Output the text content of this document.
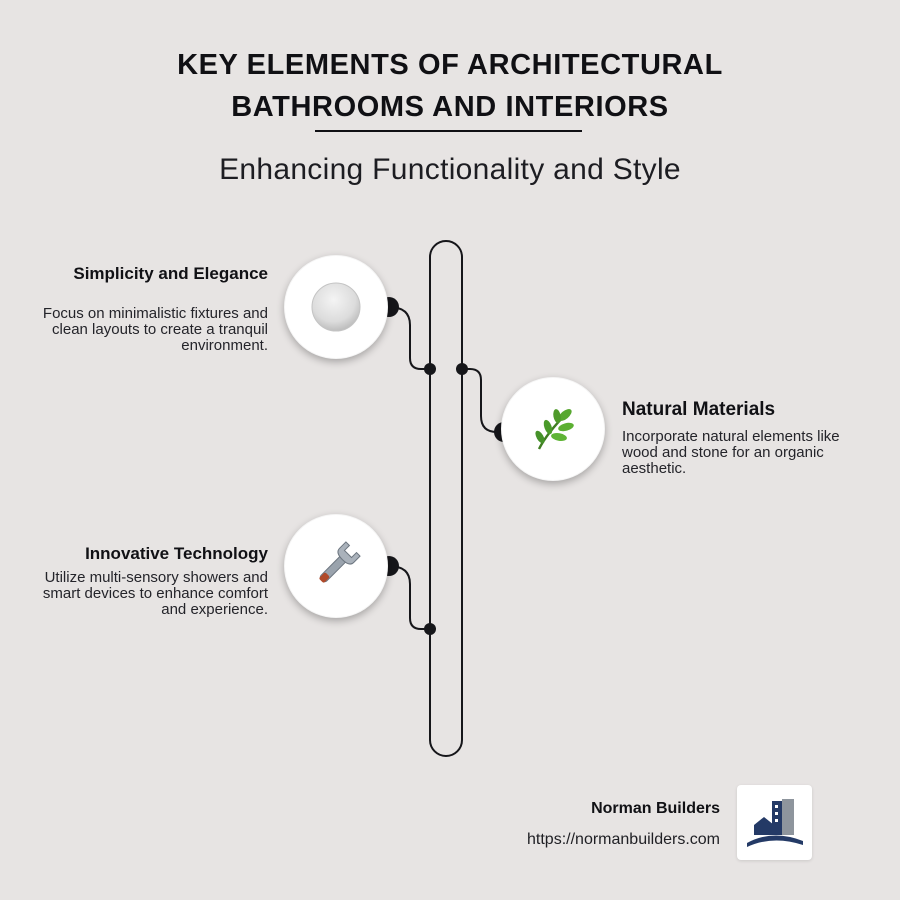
KEY ELEMENTS OF ARCHITECTURAL
BATHROOMS AND INTERIORS
Enhancing Functionality and Style
Simplicity and Elegance

Focus on minimalistic fixtures and clean layouts to create a tranquil environment.

Natural Materials

Incorporate natural elements like wood and stone for an organic aesthetic.

Innovative Technology

Utilize multi-sensory showers and smart devices to enhance comfort and experience.

Norman Builders
https://normanbuilders.com
